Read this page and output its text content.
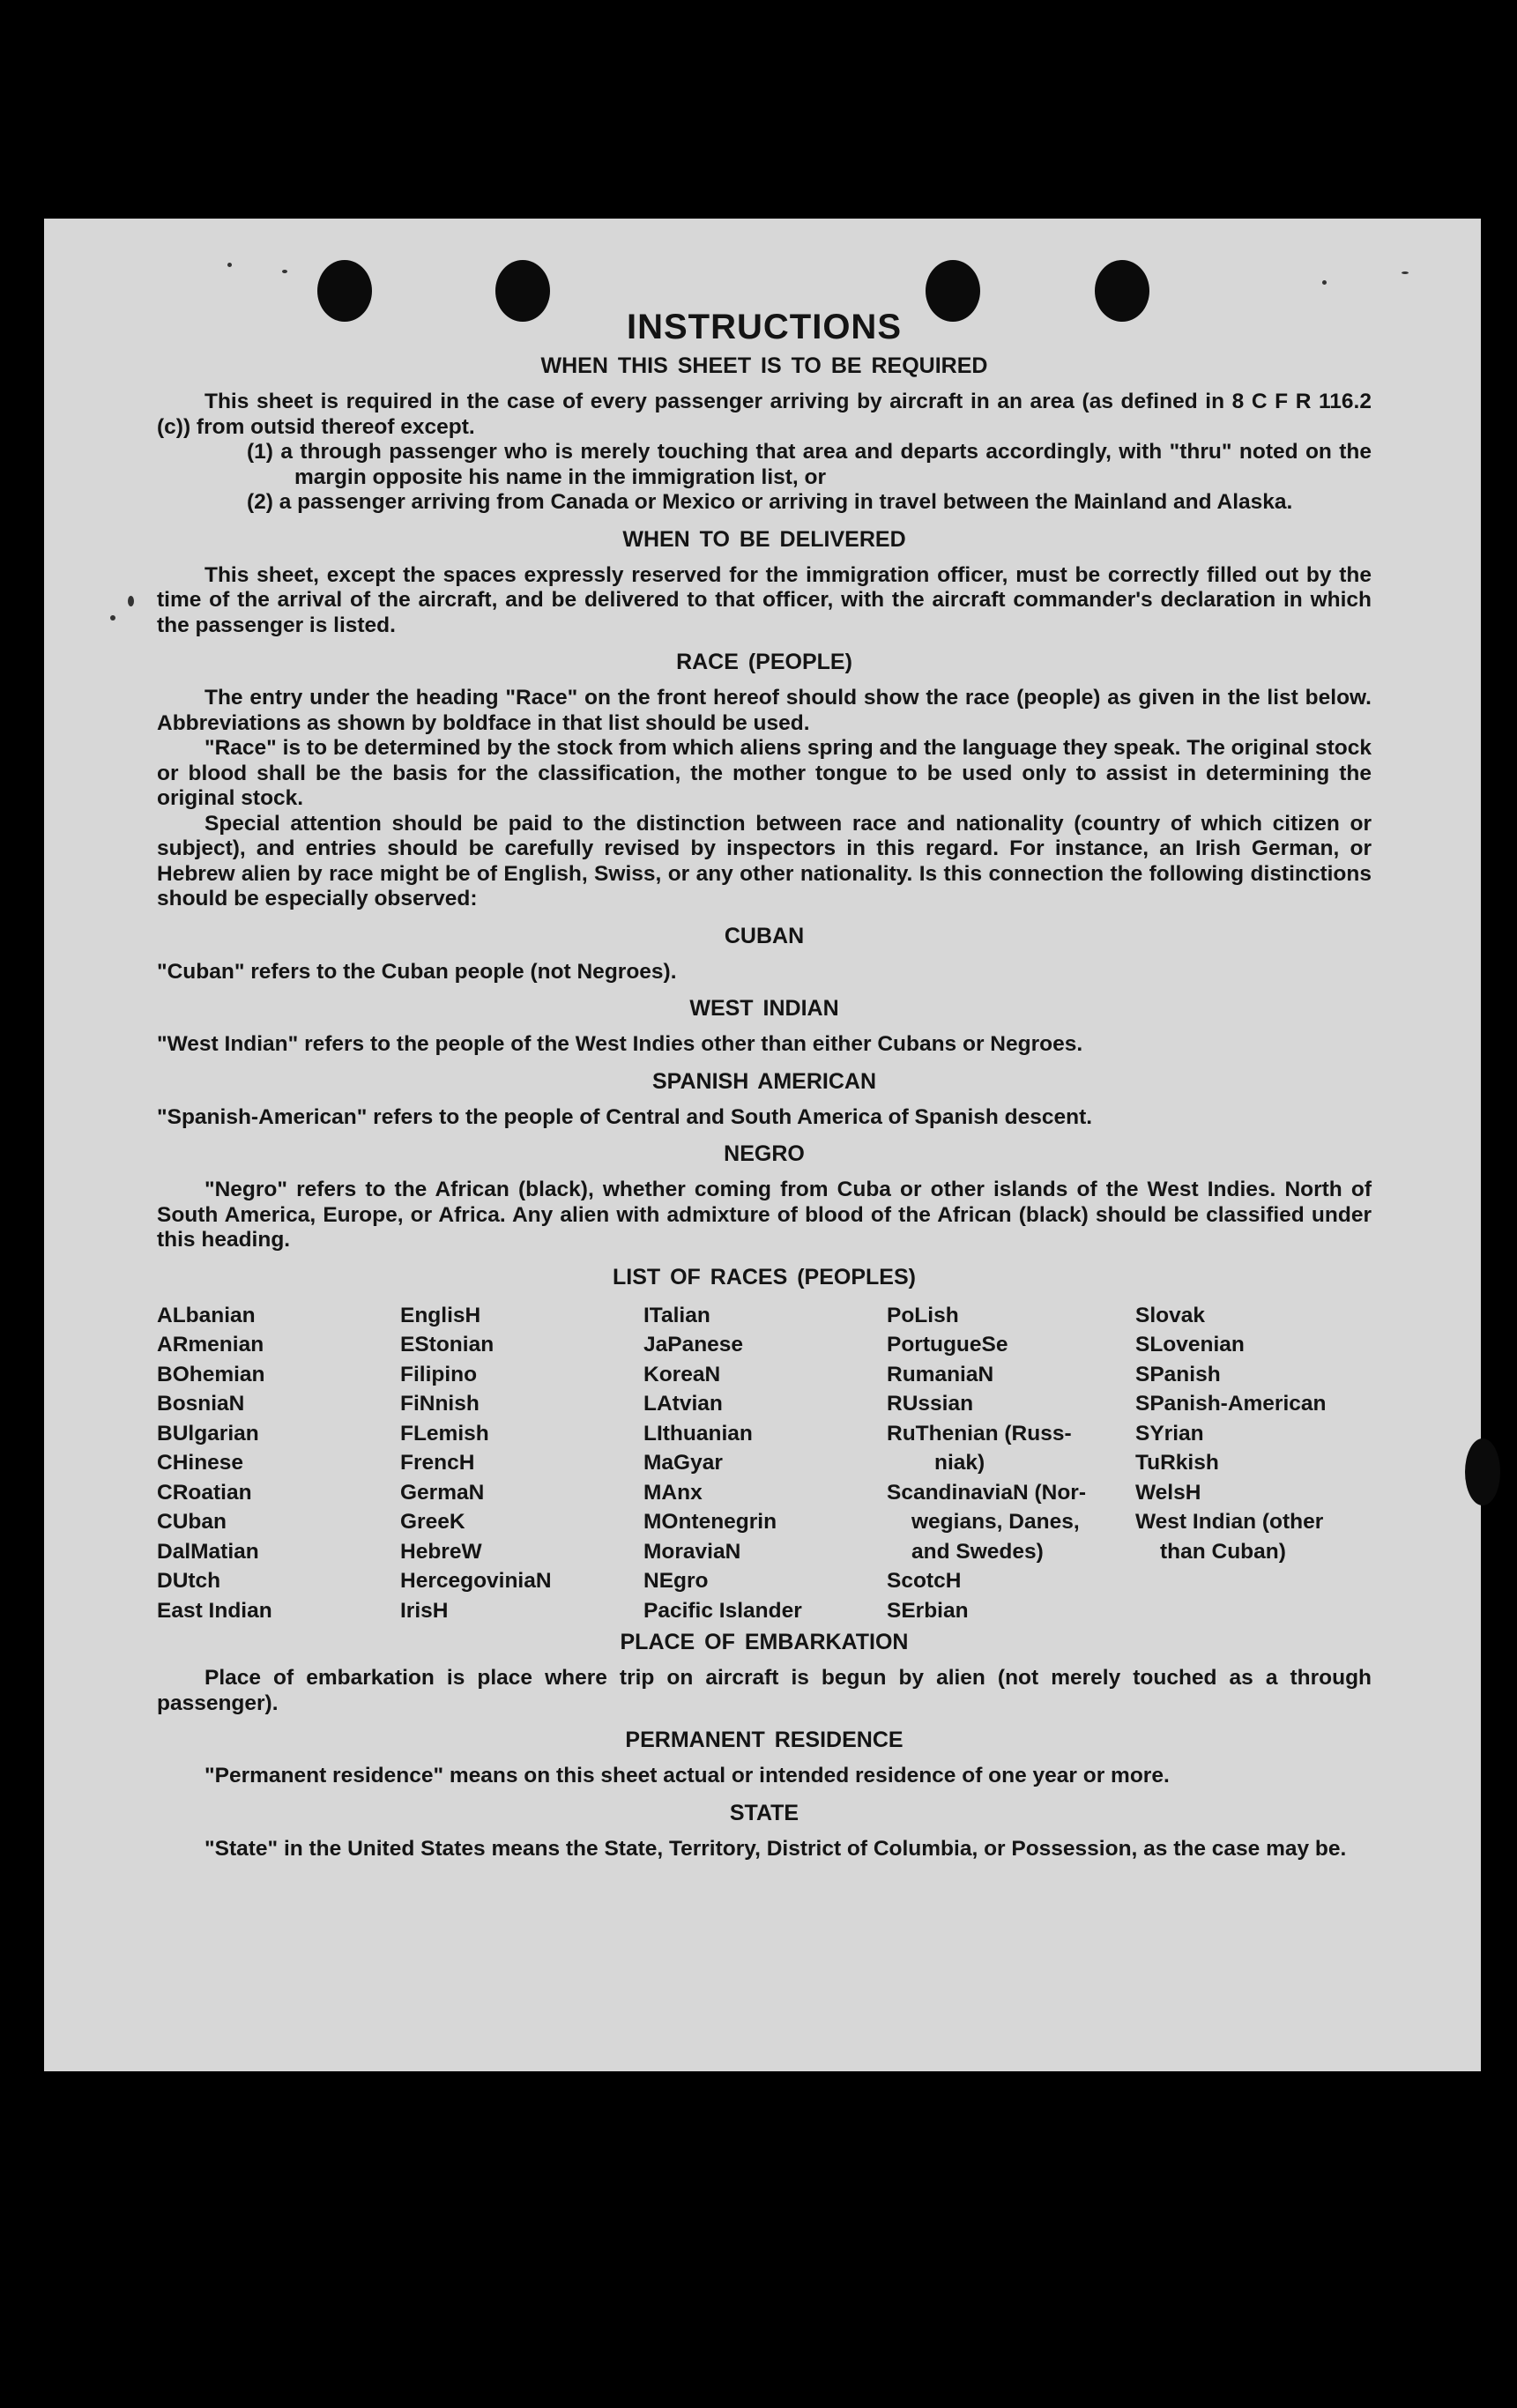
INSTRUCTIONS
WHEN THIS SHEET IS TO BE REQUIRED

This sheet is required in the case of every passenger arriving by aircraft in an area (as defined in 8 C F R 116.2 (c)) from outsid thereof except.

(1) a through passenger who is merely touching that area and departs accordingly, with "thru" noted on the margin opposite his name in the immigration list, or

(2) a passenger arriving from Canada or Mexico or arriving in travel between the Mainland and Alaska.

WHEN TO BE DELIVERED

This sheet, except the spaces expressly reserved for the immigration officer, must be correctly filled out by the time of the arrival of the aircraft, and be delivered to that officer, with the aircraft commander's declaration in which the passenger is listed.

RACE (PEOPLE)

The entry under the heading "Race" on the front hereof should show the race (people) as given in the list below. Abbreviations as shown by boldface in that list should be used.

"Race" is to be determined by the stock from which aliens spring and the language they speak. The original stock or blood shall be the basis for the classification, the mother tongue to be used only to assist in determining the original stock.

Special attention should be paid to the distinction between race and nationality (country of which citizen or subject), and entries should be carefully revised by inspectors in this regard. For instance, an Irish German, or Hebrew alien by race might be of English, Swiss, or any other nationality. Is this connection the following distinctions should be especially observed:

CUBAN

"Cuban" refers to the Cuban people (not Negroes).

WEST INDIAN

"West Indian" refers to the people of the West Indies other than either Cubans or Negroes.

SPANISH AMERICAN

"Spanish-American" refers to the people of Central and South America of Spanish descent.

NEGRO

"Negro" refers to the African (black), whether coming from Cuba or other islands of the West Indies. North of South America, Europe, or Africa. Any alien with admixture of blood of the African (black) should be classified under this heading.

LIST OF RACES (PEOPLES)
ALbanian
ARmenian
BOhemian
BosniaN
BUlgarian
CHinese
CRoatian
CUban
DalMatian
DUtch
East Indian
EnglisH
EStonian
Filipino
FiNnish
FLemish
FrencH
GermaN
GreeK
HebreW
HercegoviniaN
IrisH
ITalian
JaPanese
KoreaN
LAtvian
LIthuanian
MaGyar
MAnx
MOntenegrin
MoraviaN
NEgro
Pacific Islander
PoLish
PortugueSe
RumaniaN
RUssian
RuThenian (Russ-
niak)
ScandinaviaN (Nor-
wegians, Danes,
and Swedes)
ScotcH
SErbian
Slovak
SLovenian
SPanish
SPanish-American
SYrian
TuRkish
WelsH
West Indian (other
than Cuban)
PLACE OF EMBARKATION

Place of embarkation is place where trip on aircraft is begun by alien (not merely touched as a through passenger).

PERMANENT RESIDENCE

"Permanent residence" means on this sheet actual or intended residence of one year or more.

STATE

"State" in the United States means the State, Territory, District of Columbia, or Possession, as the case may be.
